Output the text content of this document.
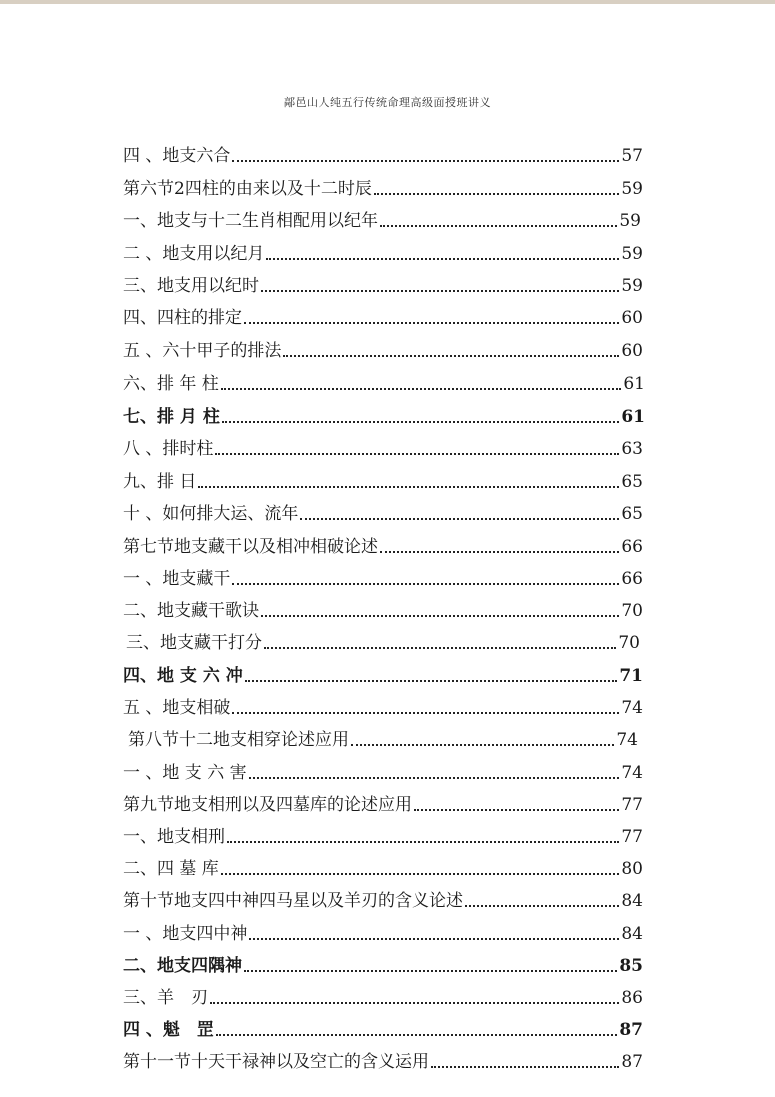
鄗邑山人纯五行传统命理高级面授班讲义
四 、地支六合	57
第六节2四柱的由来以及十二时辰	59
一、地支与十二生肖相配用以纪年	59
二 、地支用以纪月	59
三、地支用以纪时	59
四、四柱的排定	60
五 、六十甲子的排法	60
六、排 年 柱	61
七、排 月 柱	61
八 、排时柱	63
九、排 日	65
十 、如何排大运、流年	65
第七节地支藏干以及相冲相破论述	66
一 、地支藏干	66
二、地支藏干歌诀	70
三、地支藏干打分	70
四、地 支 六 冲	71
五 、地支相破	74
第八节十二地支相穿论述应用	74
一 、地 支 六 害	74
第九节地支相刑以及四墓库的论述应用	77
一、地支相刑	77
二、四 墓 库	80
第十节地支四中神四马星以及羊刃的含义论述	84
一 、地支四中神	84
二、地支四隅神	85
三、羊　刃	86
四 、魁　罡	87
第十一节十天干禄神以及空亡的含义运用	87
